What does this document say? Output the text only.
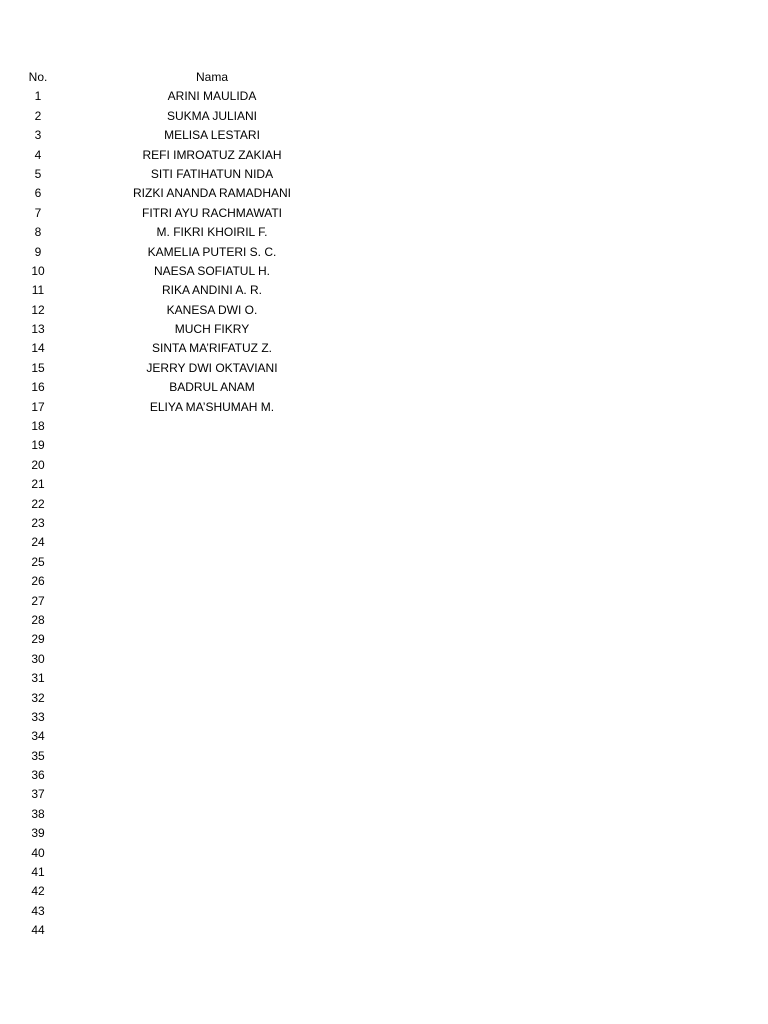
No.	Nama
1	ARINI MAULIDA
2	SUKMA JULIANI
3	MELISA LESTARI
4	REFI IMROATUZ ZAKIAH
5	SITI FATIHATUN NIDA
6	RIZKI ANANDA RAMADHANI
7	FITRI AYU RACHMAWATI
8	M. FIKRI KHOIRIL F.
9	KAMELIA PUTERI S. C.
10	NAESA SOFIATUL H.
11	RIKA ANDINI A. R.
12	KANESA DWI O.
13	MUCH FIKRY
14	SINTA MA’RIFATUZ Z.
15	JERRY DWI OKTAVIANI
16	BADRUL ANAM
17	ELIYA MA’SHUMAH M.
18
19
20
21
22
23
24
25
26
27
28
29
30
31
32
33
34
35
36
37
38
39
40
41
42
43
44
